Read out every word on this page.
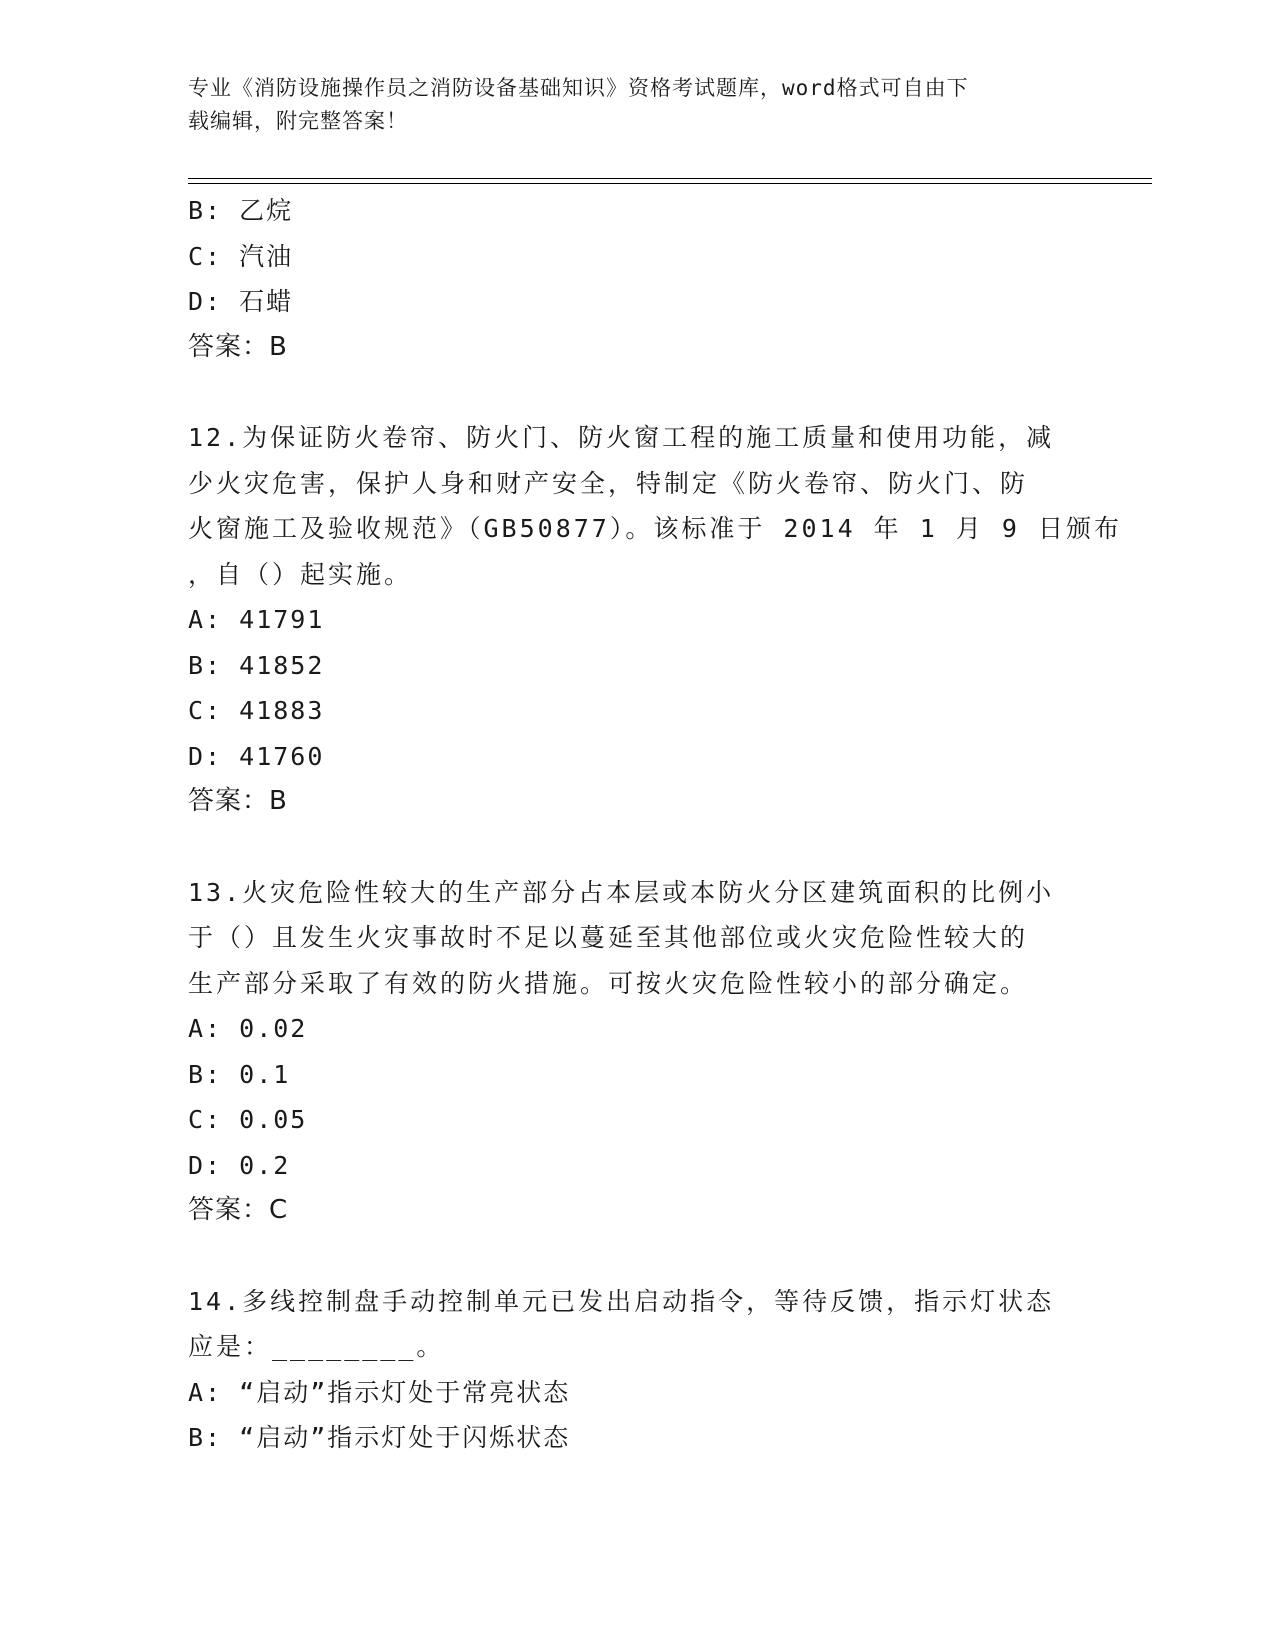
专业《消防设施操作员之消防设备基础知识》资格考试题库，word格式可自由下
载编辑，附完整答案！
B: 乙烷
C: 汽油
D: 石蜡
答案：B
12.为保证防火卷帘、防火门、防火窗工程的施工质量和使用功能，减
少火灾危害，保护人身和财产安全，特制定《防火卷帘、防火门、防
火窗施工及验收规范》（GB50877）。该标准于 2014 年 1 月 9 日颁布
，自（）起实施。
A: 41791
B: 41852
C: 41883
D: 41760
答案：B
13.火灾危险性较大的生产部分占本层或本防火分区建筑面积的比例小
于（）且发生火灾事故时不足以蔓延至其他部位或火灾危险性较大的
生产部分采取了有效的防火措施。可按火灾危险性较小的部分确定。
A: 0.02
B: 0.1
C: 0.05
D: 0.2
答案：C
14.多线控制盘手动控制单元已发出启动指令，等待反馈，指示灯状态
应是：________。
A: “启动”指示灯处于常亮状态
B: “启动”指示灯处于闪烁状态
